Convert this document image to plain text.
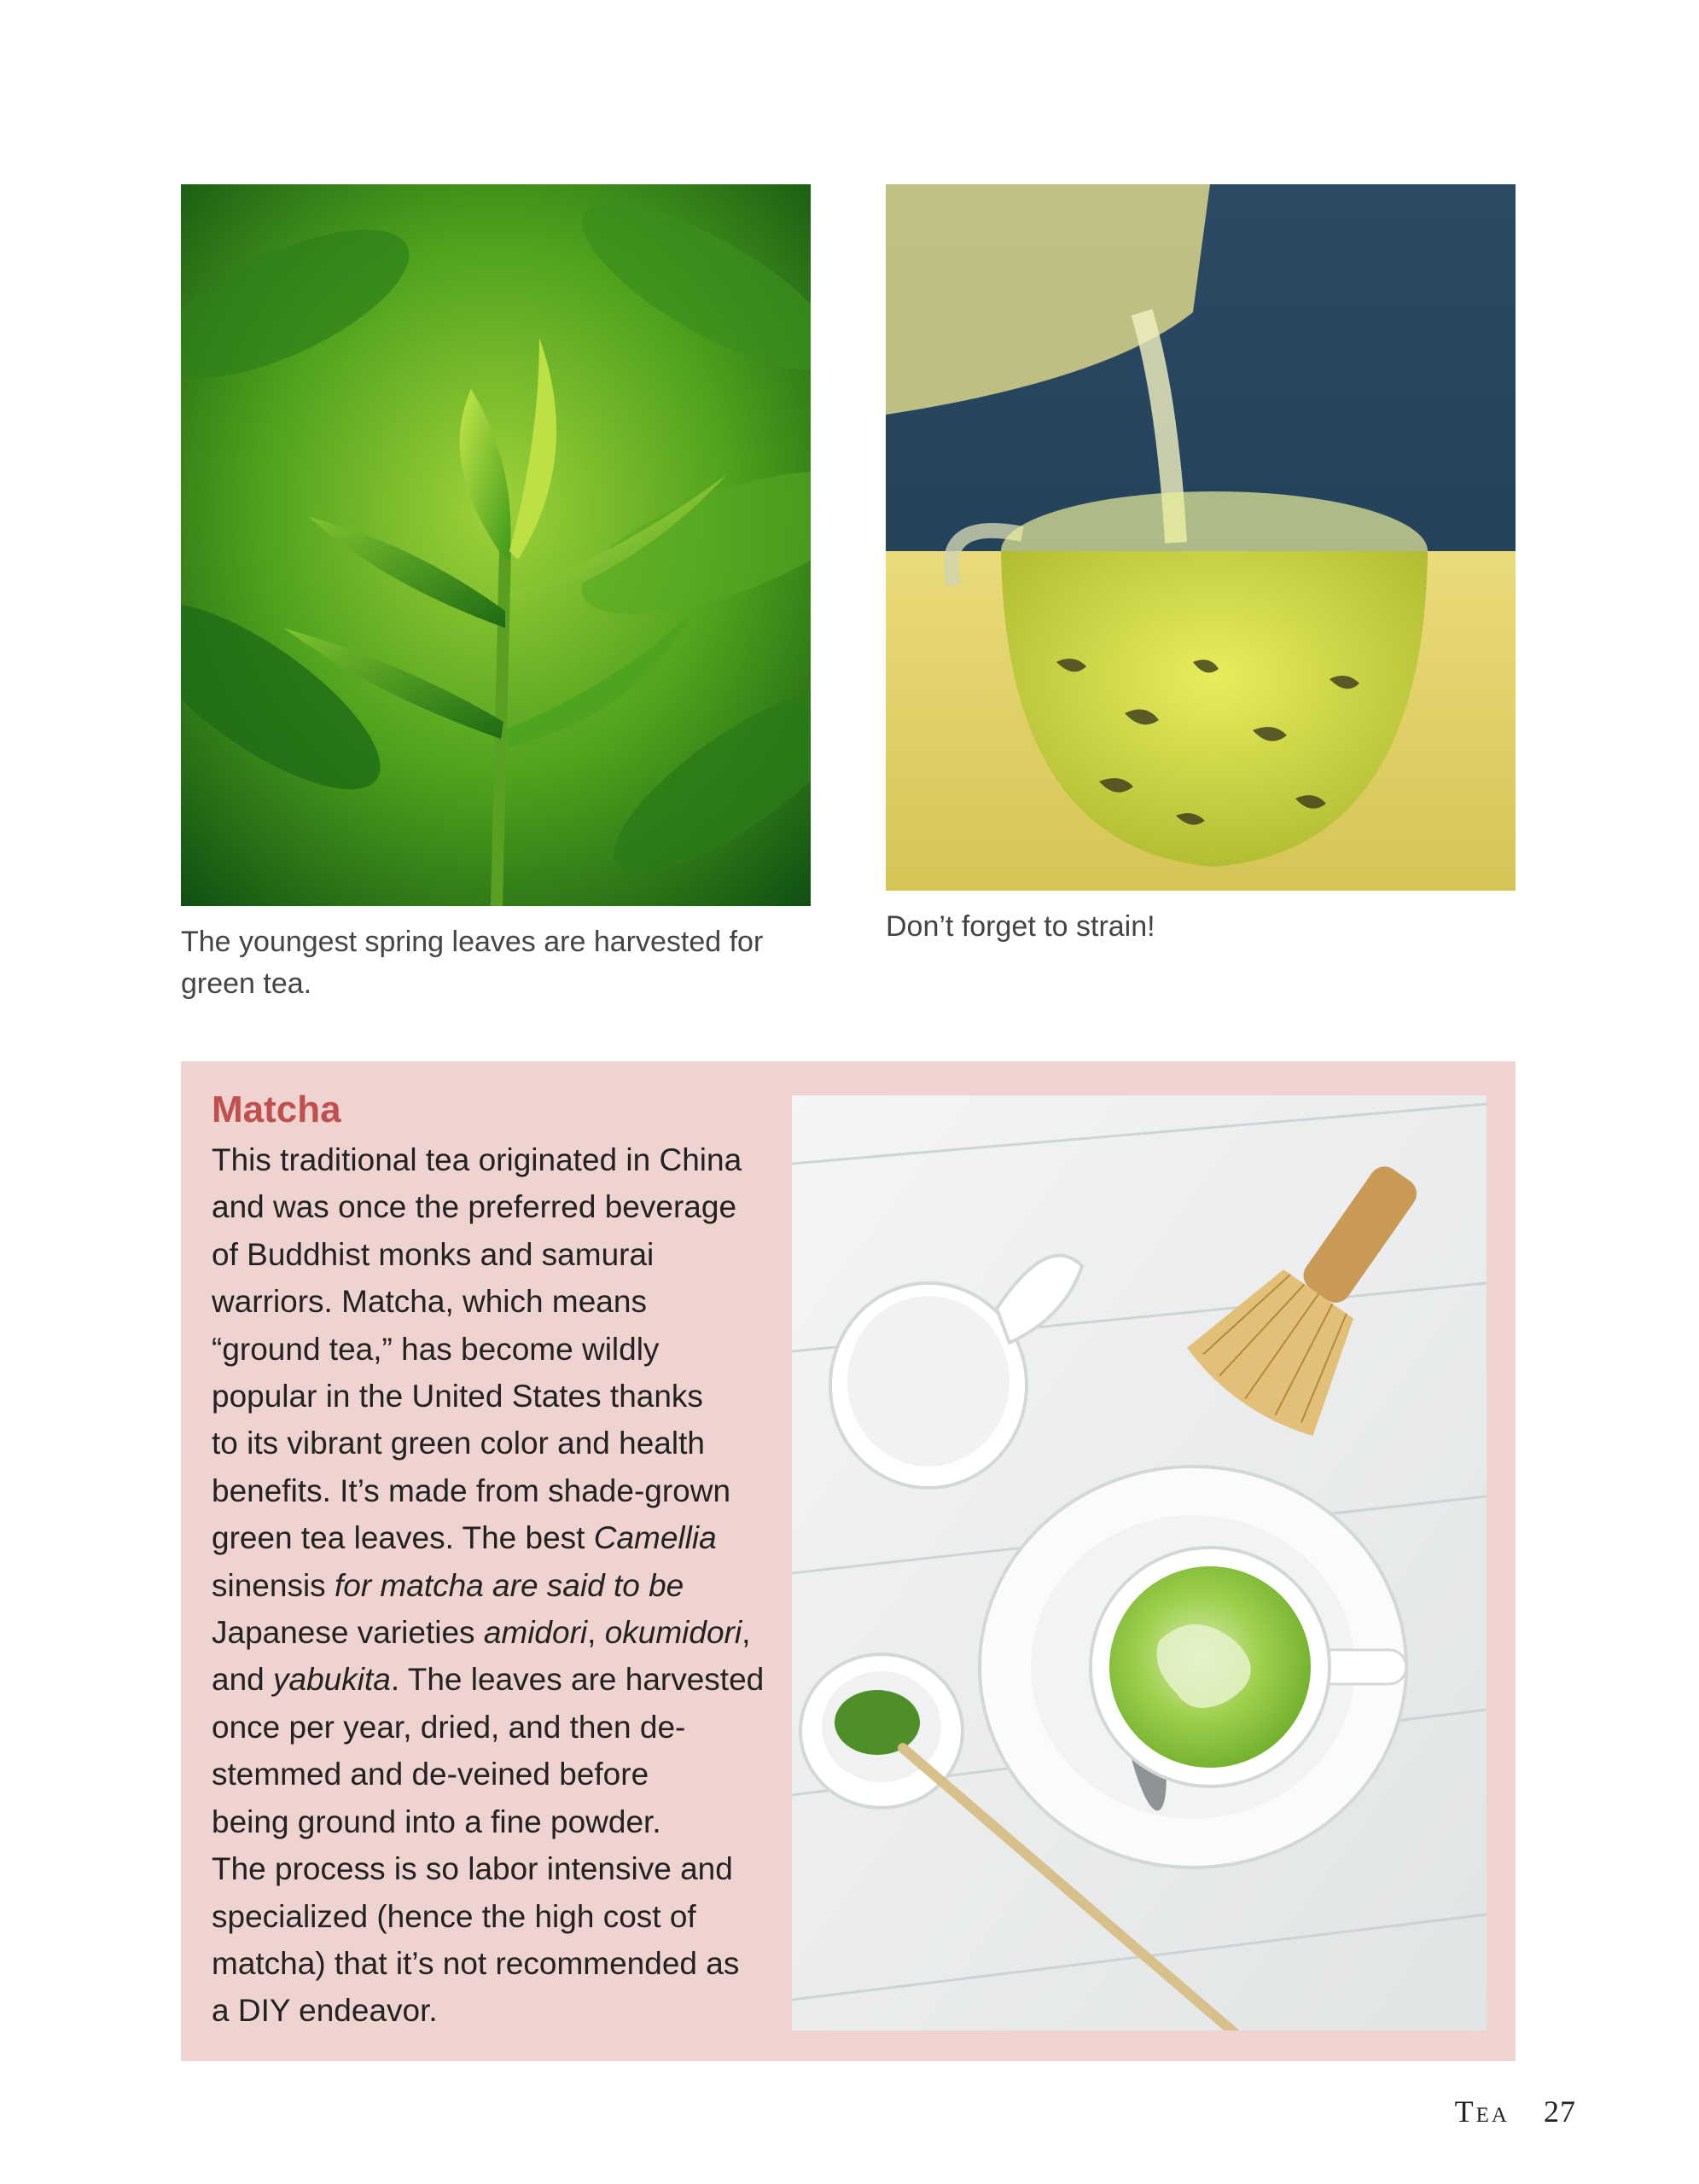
The youngest spring leaves are harvested for green tea.
Don’t forget to strain!
Matcha
This traditional tea originated in China
and was once the preferred beverage
of Buddhist monks and samurai
warriors. Matcha, which means
“ground tea,” has become wildly
popular in the United States thanks
to its vibrant green color and health
benefits. It’s made from shade-grown
green tea leaves. The best Camellia
sinensis for matcha are said to be
Japanese varieties amidori, okumidori,
and yabukita. The leaves are harvested
once per year, dried, and then de-
stemmed and de-veined before
being ground into a fine powder.
The process is so labor intensive and
specialized (hence the high cost of
matcha) that it’s not recommended as
a DIY endeavor.
Tea 27
